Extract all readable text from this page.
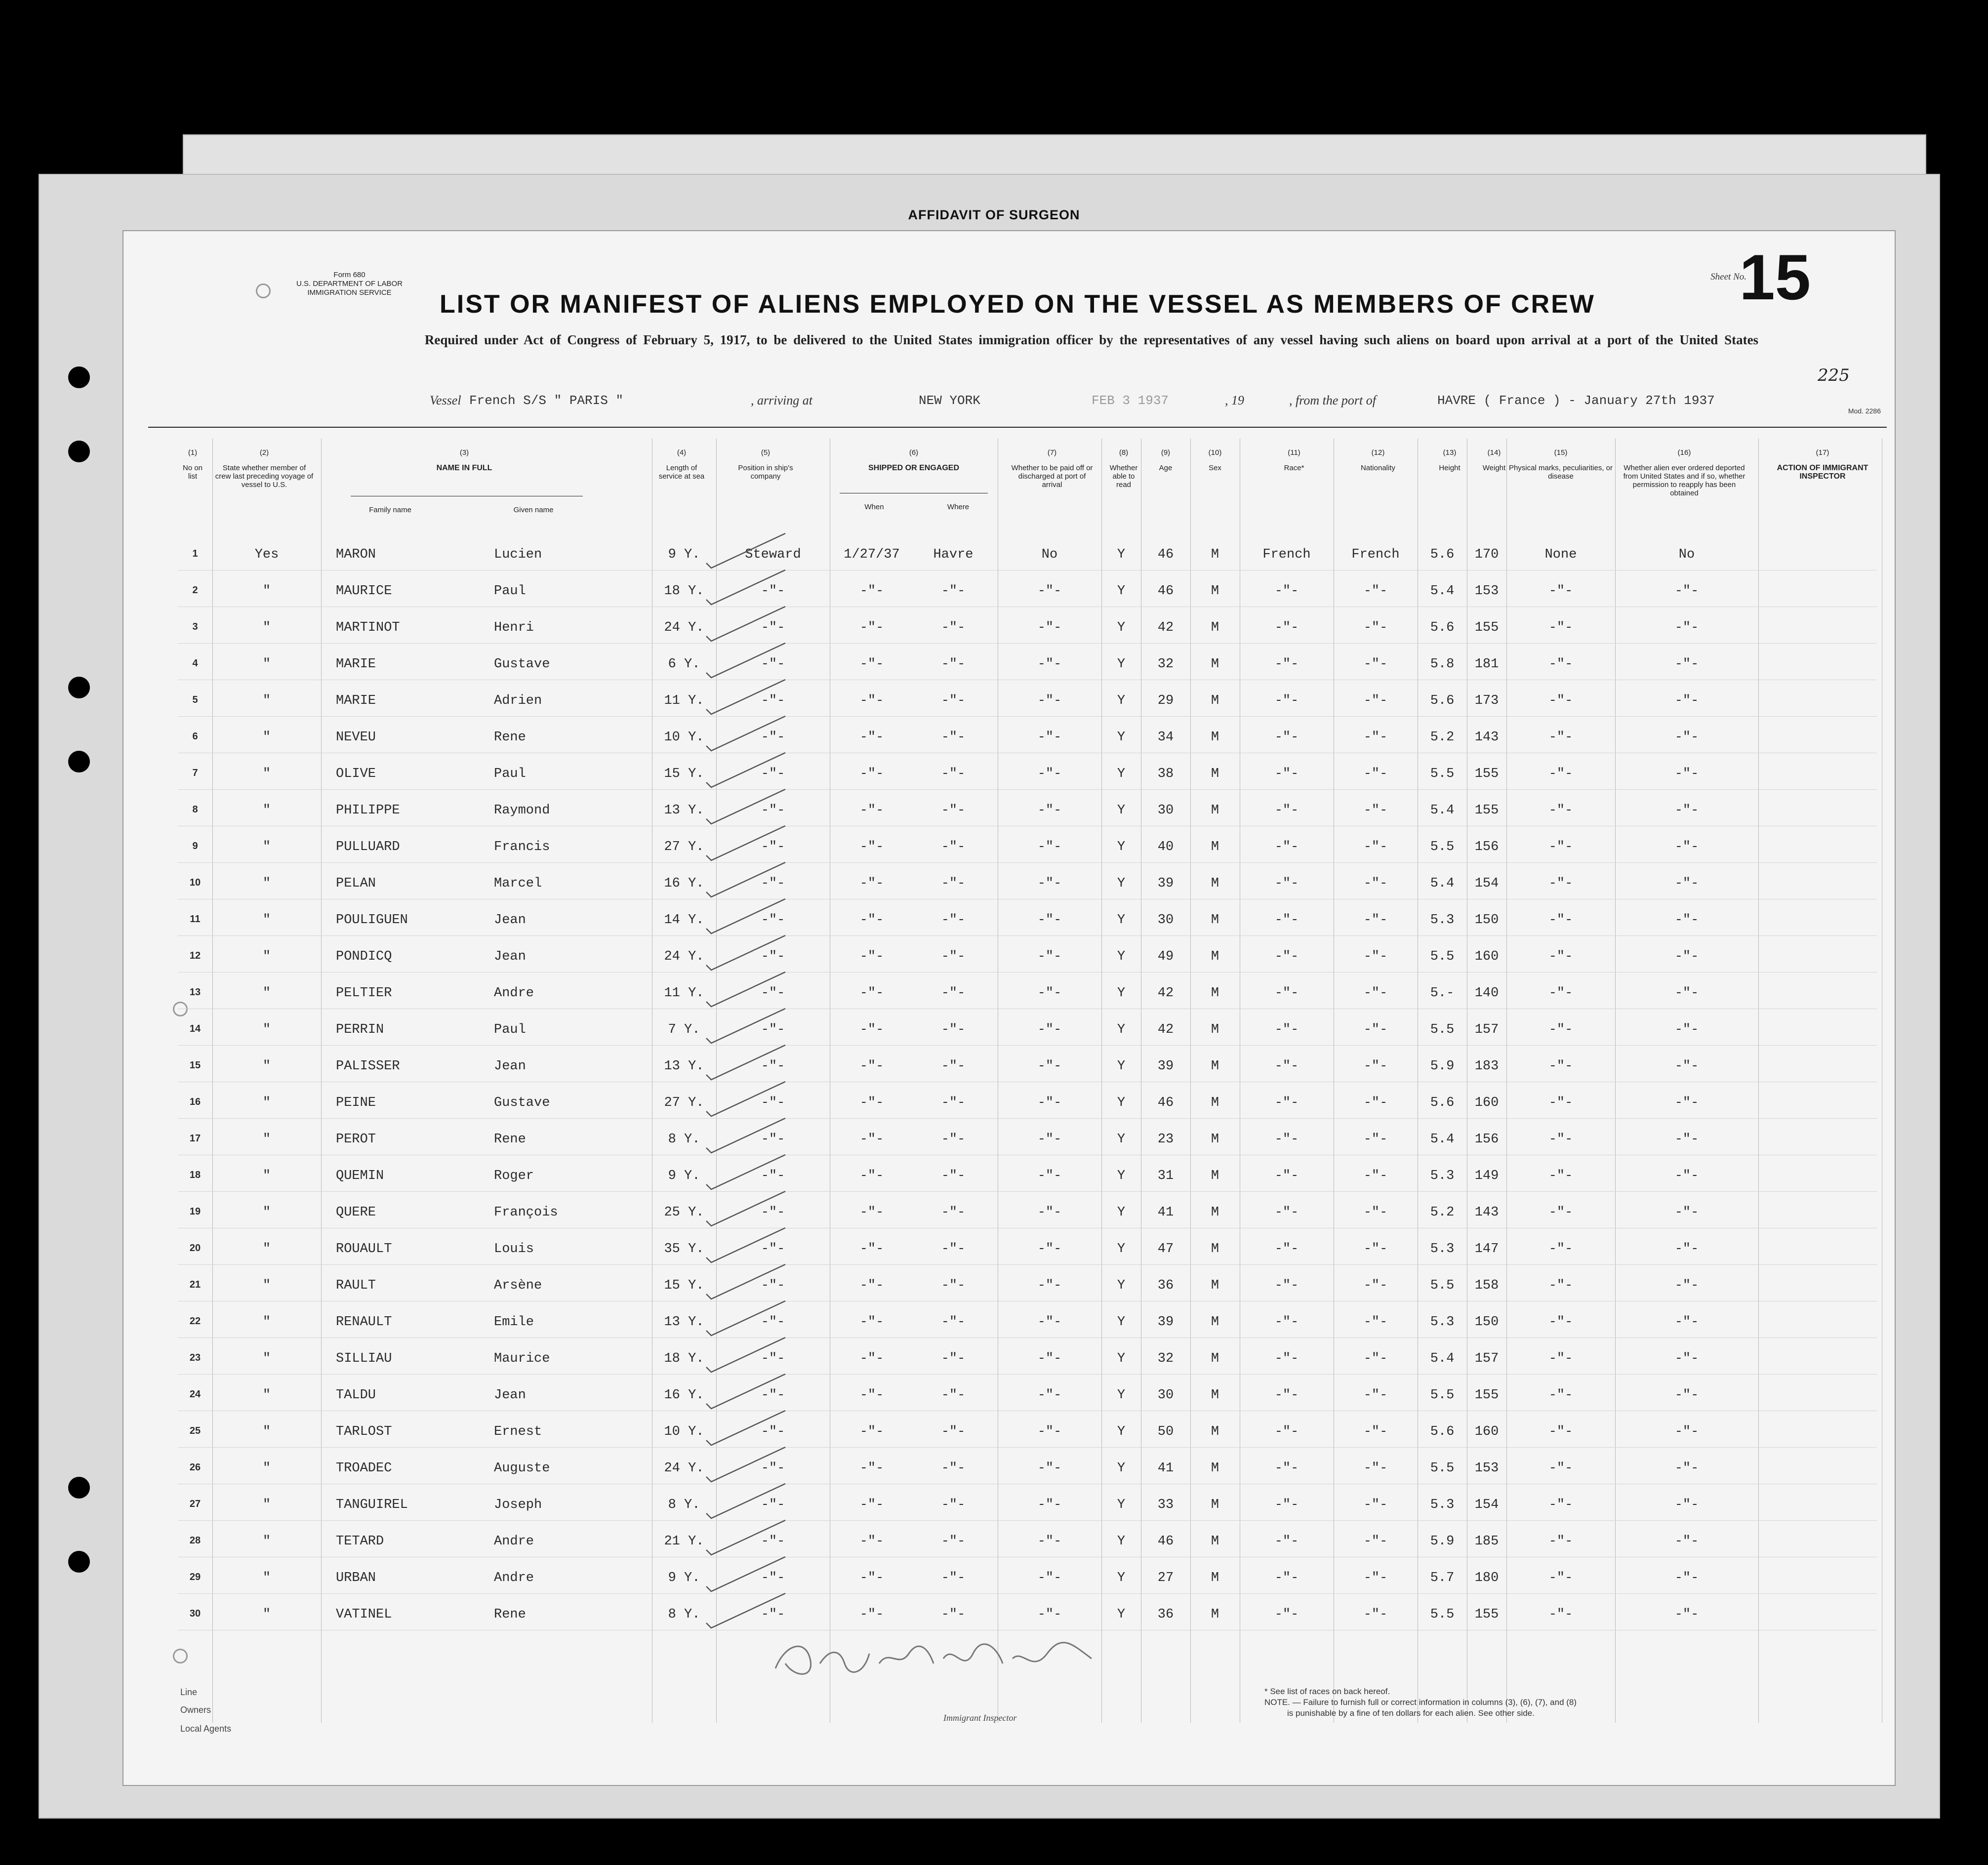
AFFIDAVIT OF SURGEON
Form 680
U.S. DEPARTMENT OF LABOR
IMMIGRATION SERVICE
Sheet No.
15
LIST OR MANIFEST OF ALIENS EMPLOYED ON THE VESSEL AS MEMBERS OF CREW
Required under Act of Congress of February 5, 1917, to be delivered to the United States immigration officer by the representatives of any vessel having such aliens on board upon arrival at a port of the United States
Vessel French S/S " PARIS "	, arriving at	NEW YORK	FEB 3 1937	, 19	, from the port of	HAVRE ( France ) - January 27th 1937
225
Mod. 2286
(1)
No on list
(2)
State whether member of crew last preceding voyage of vessel to U.S.
(3)
NAME IN FULL
Family name	Given name
(4)
Length of service at sea
(5)
Position in ship's company
(6)
SHIPPED OR ENGAGED
When	Where
(7)
Whether to be paid off or discharged at port of arrival
(8)
Whether able to read
(9)
Age
(10)
Sex
(11)
Race*
(12)
Nationality
(13)
Height
(14)
Weight
(15)
Physical marks, peculiarities, or disease
(16)
Whether alien ever ordered deported from United States and if so, whether permission to reapply has been obtained
(17)
ACTION OF IMMIGRANT INSPECTOR
1	Yes	MARON	Lucien	9 Y.	Steward	1/27/37	Havre	No	Y	46	M	French	French	5.6	170	None	No
2	"	MAURICE	Paul	18 Y.	-"-	-"-	-"-	-"-	Y	46	M	-"-	-"-	5.4	153	-"-	-"-
3	"	MARTINOT	Henri	24 Y.	-"-	-"-	-"-	-"-	Y	42	M	-"-	-"-	5.6	155	-"-	-"-
4	"	MARIE	Gustave	6 Y.	-"-	-"-	-"-	-"-	Y	32	M	-"-	-"-	5.8	181	-"-	-"-
5	"	MARIE	Adrien	11 Y.	-"-	-"-	-"-	-"-	Y	29	M	-"-	-"-	5.6	173	-"-	-"-
6	"	NEVEU	Rene	10 Y.	-"-	-"-	-"-	-"-	Y	34	M	-"-	-"-	5.2	143	-"-	-"-
7	"	OLIVE	Paul	15 Y.	-"-	-"-	-"-	-"-	Y	38	M	-"-	-"-	5.5	155	-"-	-"-
8	"	PHILIPPE	Raymond	13 Y.	-"-	-"-	-"-	-"-	Y	30	M	-"-	-"-	5.4	155	-"-	-"-
9	"	PULLUARD	Francis	27 Y.	-"-	-"-	-"-	-"-	Y	40	M	-"-	-"-	5.5	156	-"-	-"-
10	"	PELAN	Marcel	16 Y.	-"-	-"-	-"-	-"-	Y	39	M	-"-	-"-	5.4	154	-"-	-"-
11	"	POULIGUEN	Jean	14 Y.	-"-	-"-	-"-	-"-	Y	30	M	-"-	-"-	5.3	150	-"-	-"-
12	"	PONDICQ	Jean	24 Y.	-"-	-"-	-"-	-"-	Y	49	M	-"-	-"-	5.5	160	-"-	-"-
13	"	PELTIER	Andre	11 Y.	-"-	-"-	-"-	-"-	Y	42	M	-"-	-"-	5.-	140	-"-	-"-
14	"	PERRIN	Paul	7 Y.	-"-	-"-	-"-	-"-	Y	42	M	-"-	-"-	5.5	157	-"-	-"-
15	"	PALISSER	Jean	13 Y.	-"-	-"-	-"-	-"-	Y	39	M	-"-	-"-	5.9	183	-"-	-"-
16	"	PEINE	Gustave	27 Y.	-"-	-"-	-"-	-"-	Y	46	M	-"-	-"-	5.6	160	-"-	-"-
17	"	PEROT	Rene	8 Y.	-"-	-"-	-"-	-"-	Y	23	M	-"-	-"-	5.4	156	-"-	-"-
18	"	QUEMIN	Roger	9 Y.	-"-	-"-	-"-	-"-	Y	31	M	-"-	-"-	5.3	149	-"-	-"-
19	"	QUERE	François	25 Y.	-"-	-"-	-"-	-"-	Y	41	M	-"-	-"-	5.2	143	-"-	-"-
20	"	ROUAULT	Louis	35 Y.	-"-	-"-	-"-	-"-	Y	47	M	-"-	-"-	5.3	147	-"-	-"-
21	"	RAULT	Arsène	15 Y.	-"-	-"-	-"-	-"-	Y	36	M	-"-	-"-	5.5	158	-"-	-"-
22	"	RENAULT	Emile	13 Y.	-"-	-"-	-"-	-"-	Y	39	M	-"-	-"-	5.3	150	-"-	-"-
23	"	SILLIAU	Maurice	18 Y.	-"-	-"-	-"-	-"-	Y	32	M	-"-	-"-	5.4	157	-"-	-"-
24	"	TALDU	Jean	16 Y.	-"-	-"-	-"-	-"-	Y	30	M	-"-	-"-	5.5	155	-"-	-"-
25	"	TARLOST	Ernest	10 Y.	-"-	-"-	-"-	-"-	Y	50	M	-"-	-"-	5.6	160	-"-	-"-
26	"	TROADEC	Auguste	24 Y.	-"-	-"-	-"-	-"-	Y	41	M	-"-	-"-	5.5	153	-"-	-"-
27	"	TANGUIREL	Joseph	8 Y.	-"-	-"-	-"-	-"-	Y	33	M	-"-	-"-	5.3	154	-"-	-"-
28	"	TETARD	Andre	21 Y.	-"-	-"-	-"-	-"-	Y	46	M	-"-	-"-	5.9	185	-"-	-"-
29	"	URBAN	Andre	9 Y.	-"-	-"-	-"-	-"-	Y	27	M	-"-	-"-	5.7	180	-"-	-"-
30	"	VATINEL	Rene	8 Y.	-"-	-"-	-"-	-"-	Y	36	M	-"-	-"-	5.5	155	-"-	-"-
Line
Owners
Local Agents
Immigrant Inspector
* See list of races on back hereof.
NOTE. — Failure to furnish full or correct information in columns (3), (6), (7), and (8)
is punishable by a fine of ten dollars for each alien. See other side.
